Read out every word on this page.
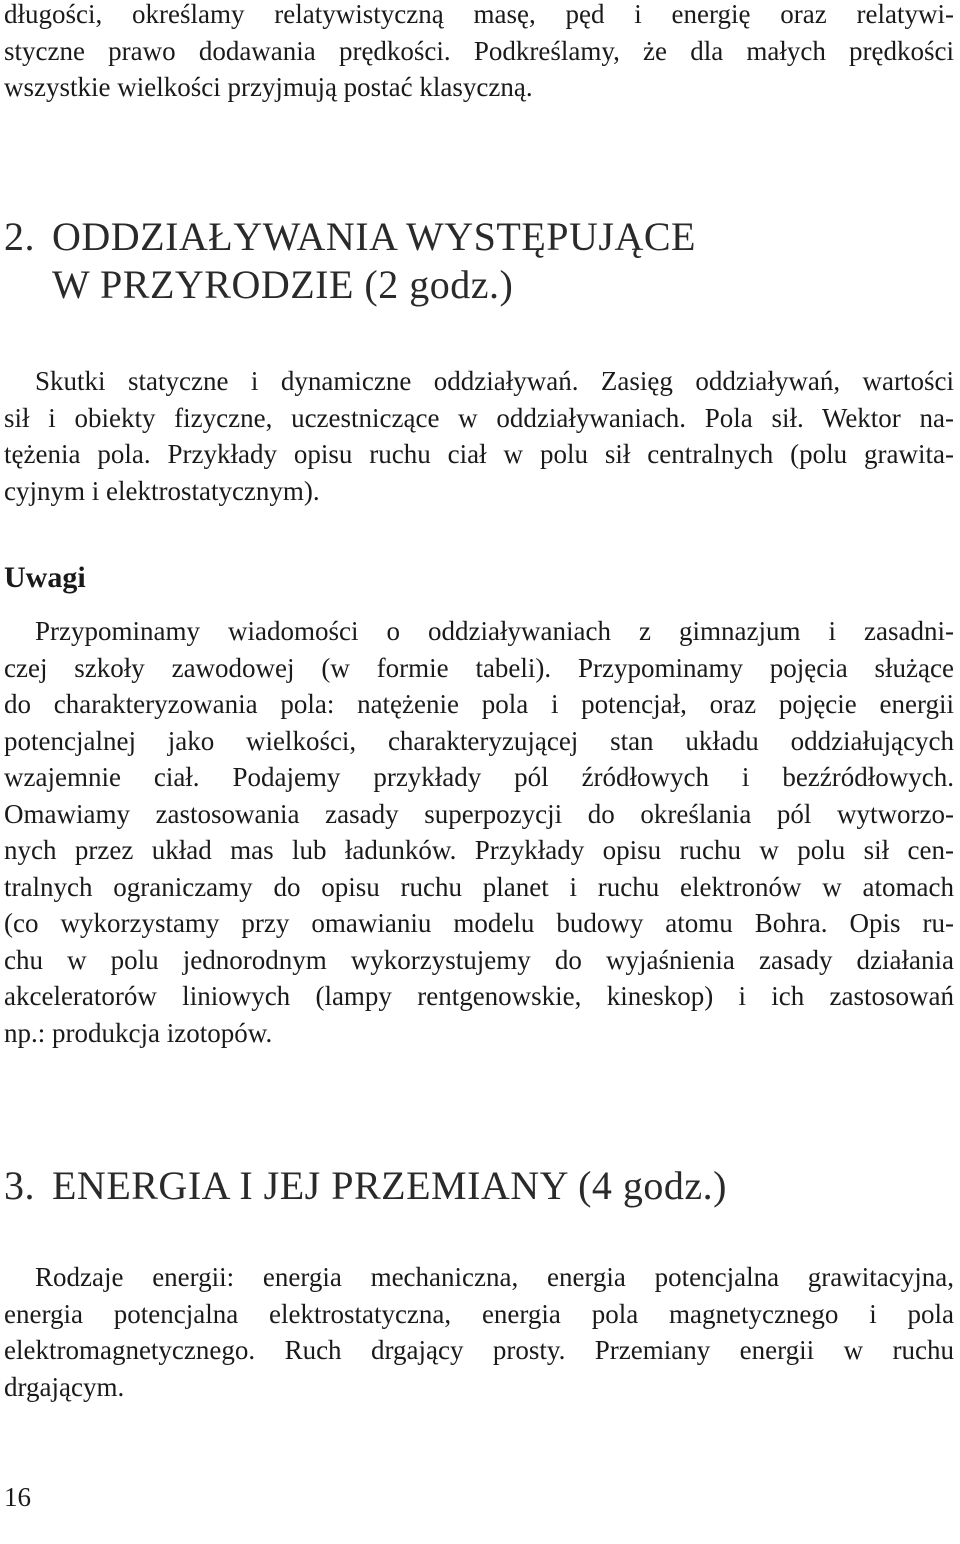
długości, określamy relatywistyczną masę, pęd i energię oraz relatywi-
styczne prawo dodawania prędkości. Podkreślamy, że dla małych prędkości
wszystkie wielkości przyjmują postać klasyczną.
2. ODDZIAŁYWANIA WYSTĘPUJĄCE
W PRZYRODZIE (2 godz.)
Skutki statyczne i dynamiczne oddziaływań. Zasięg oddziaływań, wartości
sił i obiekty fizyczne, uczestniczące w oddziaływaniach. Pola sił. Wektor na-
tężenia pola. Przykłady opisu ruchu ciał w polu sił centralnych (polu grawita-
cyjnym i elektrostatycznym).
Uwagi
Przypominamy wiadomości o oddziaływaniach z gimnazjum i zasadni-
czej szkoły zawodowej (w formie tabeli). Przypominamy pojęcia służące
do charakteryzowania pola: natężenie pola i potencjał, oraz pojęcie energii
potencjalnej jako wielkości, charakteryzującej stan układu oddziałujących
wzajemnie ciał. Podajemy przykłady pól źródłowych i bezźródłowych.
Omawiamy zastosowania zasady superpozycji do określania pól wytworzo-
nych przez układ mas lub ładunków. Przykłady opisu ruchu w polu sił cen-
tralnych ograniczamy do opisu ruchu planet i ruchu elektronów w atomach
(co wykorzystamy przy omawianiu modelu budowy atomu Bohra. Opis ru-
chu w polu jednorodnym wykorzystujemy do wyjaśnienia zasady działania
akceleratorów liniowych (lampy rentgenowskie, kineskop) i ich zastosowań
np.: produkcja izotopów.
3. ENERGIA I JEJ PRZEMIANY (4 godz.)
Rodzaje energii: energia mechaniczna, energia potencjalna grawitacyjna,
energia potencjalna elektrostatyczna, energia pola magnetycznego i pola
elektromagnetycznego. Ruch drgający prosty. Przemiany energii w ruchu
drgającym.
16
